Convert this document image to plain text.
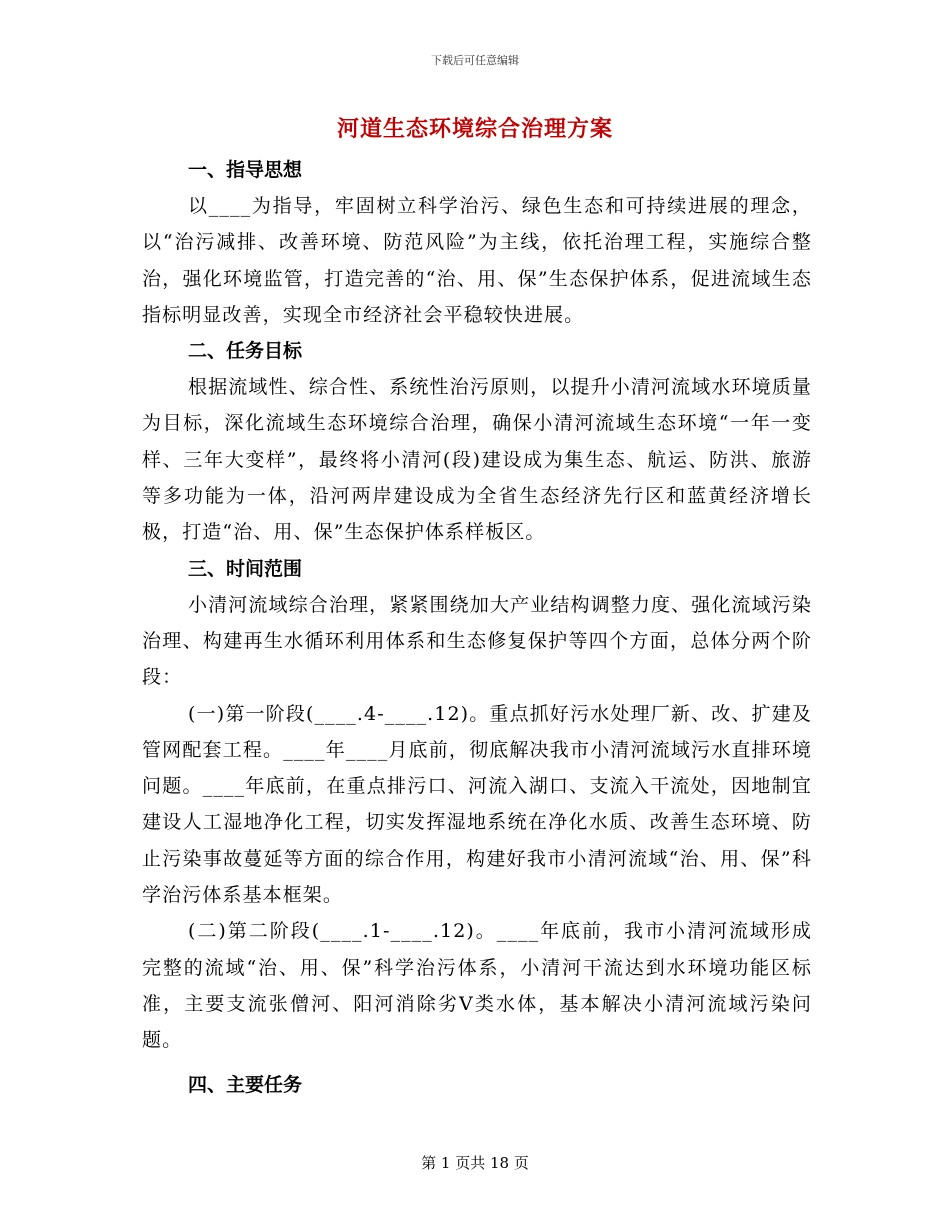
下载后可任意编辑
河道生态环境综合治理方案
一、指导思想

以____为指导，牢固树立科学治污、绿色生态和可持续进展的理念，以“治污减排、改善环境、防范风险”为主线，依托治理工程，实施综合整治，强化环境监管，打造完善的“治、用、保”生态保护体系，促进流域生态指标明显改善，实现全市经济社会平稳较快进展。

二、任务目标

根据流域性、综合性、系统性治污原则，以提升小清河流域水环境质量为目标，深化流域生态环境综合治理，确保小清河流域生态环境“一年一变样、三年大变样”，最终将小清河(段)建设成为集生态、航运、防洪、旅游等多功能为一体，沿河两岸建设成为全省生态经济先行区和蓝黄经济增长极，打造“治、用、保”生态保护体系样板区。

三、时间范围

小清河流域综合治理，紧紧围绕加大产业结构调整力度、强化流域污染治理、构建再生水循环利用体系和生态修复保护等四个方面，总体分两个阶段：

(一)第一阶段(____.4-____.12)。重点抓好污水处理厂新、改、扩建及管网配套工程。____年____月底前，彻底解决我市小清河流域污水直排环境问题。____年底前，在重点排污口、河流入湖口、支流入干流处，因地制宜建设人工湿地净化工程，切实发挥湿地系统在净化水质、改善生态环境、防止污染事故蔓延等方面的综合作用，构建好我市小清河流域“治、用、保”科学治污体系基本框架。

(二)第二阶段(____.1-____.12)。____年底前，我市小清河流域形成完整的流域“治、用、保”科学治污体系，小清河干流达到水环境功能区标准，主要支流张僧河、阳河消除劣Ⅴ类水体，基本解决小清河流域污染问题。

四、主要任务
第 1 页共 18 页
